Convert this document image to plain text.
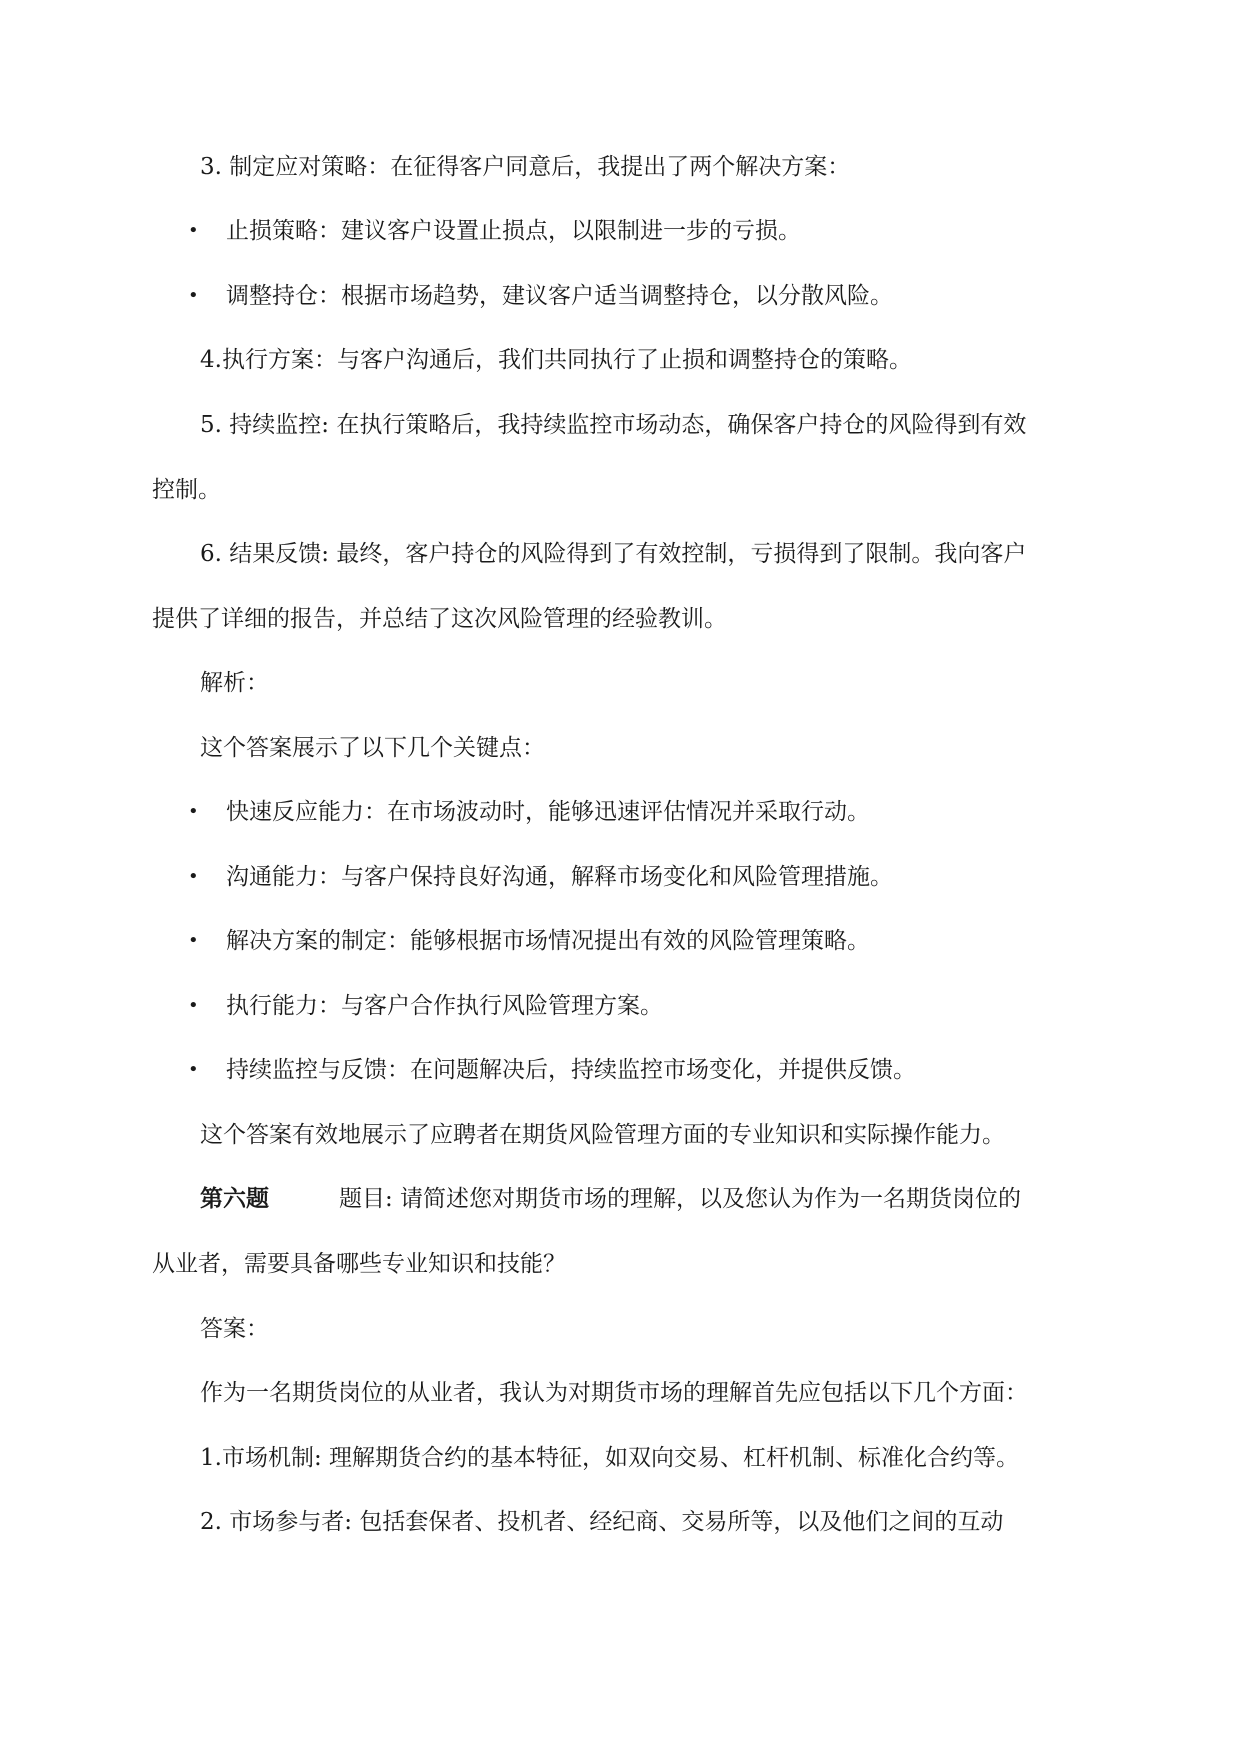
3. 制定应对策略：在征得客户同意后，我提出了两个解决方案：
• 止损策略：建议客户设置止损点，以限制进一步的亏损。
• 调整持仓：根据市场趋势，建议客户适当调整持仓，以分散风险。
4.执行方案：与客户沟通后，我们共同执行了止损和调整持仓的策略。
5. 持续监控: 在执行策略后，我持续监控市场动态，确保客户持仓的风险得到有效
控制。
6. 结果反馈: 最终，客户持仓的风险得到了有效控制，亏损得到了限制。我向客户
提供了详细的报告，并总结了这次风险管理的经验教训。
解析：
这个答案展示了以下几个关键点：
• 快速反应能力：在市场波动时，能够迅速评估情况并采取行动。
• 沟通能力：与客户保持良好沟通，解释市场变化和风险管理措施。
• 解决方案的制定：能够根据市场情况提出有效的风险管理策略。
• 执行能力：与客户合作执行风险管理方案。
• 持续监控与反馈：在问题解决后，持续监控市场变化，并提供反馈。
这个答案有效地展示了应聘者在期货风险管理方面的专业知识和实际操作能力。
第六题	题目: 请简述您对期货市场的理解，以及您认为作为一名期货岗位的
从业者，需要具备哪些专业知识和技能？
答案：
作为一名期货岗位的从业者，我认为对期货市场的理解首先应包括以下几个方面：
1.市场机制: 理解期货合约的基本特征，如双向交易、杠杆机制、标准化合约等。
2. 市场参与者: 包括套保者、投机者、经纪商、交易所等，以及他们之间的互动
